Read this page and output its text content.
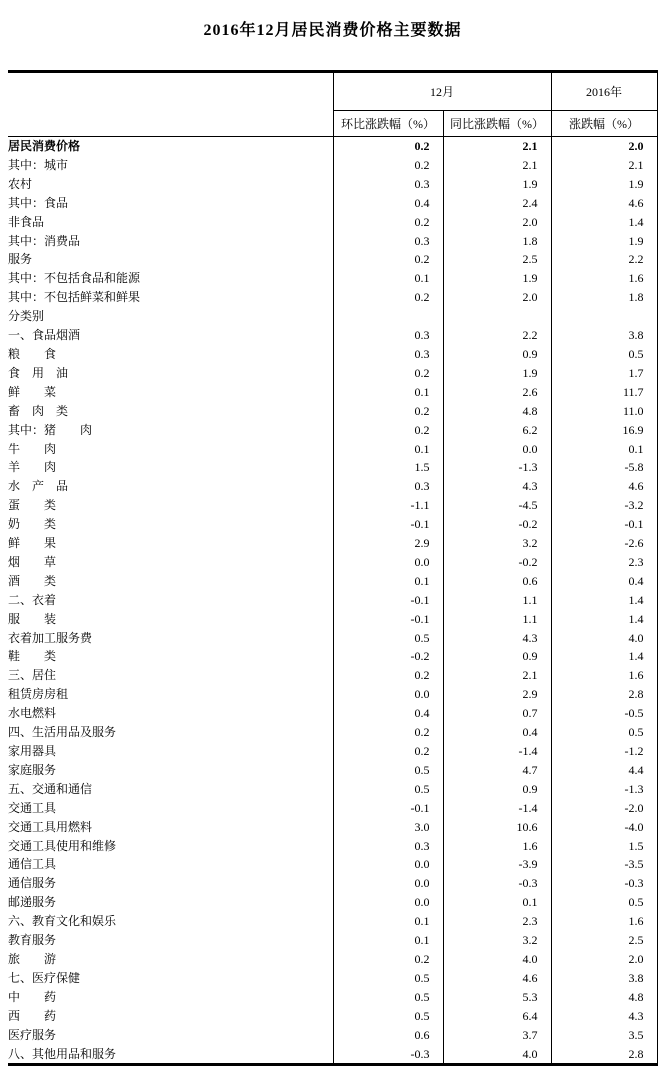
2016年12月居民消费价格主要数据
	12月		2016年
	环比涨跌幅（%）	同比涨跌幅（%）	涨跌幅（%）
居民消费价格	0.2	2.1	2.0
其中：城市	0.2	2.1	2.1
农村	0.3	1.9	1.9
其中：食品	0.4	2.4	4.6
非食品	0.2	2.0	1.4
其中：消费品	0.3	1.8	1.9
服务	0.2	2.5	2.2
其中：不包括食品和能源	0.1	1.9	1.6
其中：不包括鲜菜和鲜果	0.2	2.0	1.8
分类别			
一、食品烟酒	0.3	2.2	3.8
粮　　食	0.3	0.9	0.5
食　用　油	0.2	1.9	1.7
鲜　　菜	0.1	2.6	11.7
畜　肉　类	0.2	4.8	11.0
其中：猪　　肉	0.2	6.2	16.9
牛　　肉	0.1	0.0	0.1
羊　　肉	1.5	-1.3	-5.8
水　产　品	0.3	4.3	4.6
蛋　　类	-1.1	-4.5	-3.2
奶　　类	-0.1	-0.2	-0.1
鲜　　果	2.9	3.2	-2.6
烟　　草	0.0	-0.2	2.3
酒　　类	0.1	0.6	0.4
二、衣着	-0.1	1.1	1.4
服　　装	-0.1	1.1	1.4
衣着加工服务费	0.5	4.3	4.0
鞋　　类	-0.2	0.9	1.4
三、居住	0.2	2.1	1.6
租赁房房租	0.0	2.9	2.8
水电燃料	0.4	0.7	-0.5
四、生活用品及服务	0.2	0.4	0.5
家用器具	0.2	-1.4	-1.2
家庭服务	0.5	4.7	4.4
五、交通和通信	0.5	0.9	-1.3
交通工具	-0.1	-1.4	-2.0
交通工具用燃料	3.0	10.6	-4.0
交通工具使用和维修	0.3	1.6	1.5
通信工具	0.0	-3.9	-3.5
通信服务	0.0	-0.3	-0.3
邮递服务	0.0	0.1	0.5
六、教育文化和娱乐	0.1	2.3	1.6
教育服务	0.1	3.2	2.5
旅　　游	0.2	4.0	2.0
七、医疗保健	0.5	4.6	3.8
中　　药	0.5	5.3	4.8
西　　药	0.5	6.4	4.3
医疗服务	0.6	3.7	3.5
八、其他用品和服务	-0.3	4.0	2.8
